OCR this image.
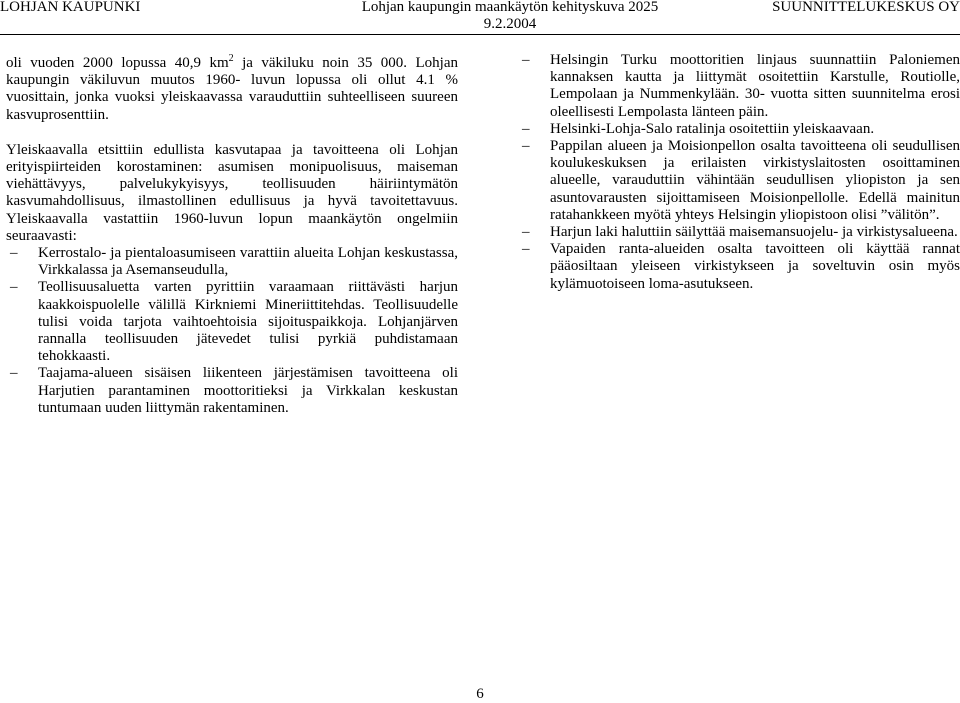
LOHJAN KAUPUNKI	Lohjan kaupungin maankäytön kehityskuva 2025
9.2.2004
SUUNNITTELUKESKUS OY

oli vuoden 2000 lopussa 40,9 $km^2$ ja väkiluku noin 35 000. Lohjan kaupungin väkiluvun muutos 1960- luvun lopussa oli ollut 4.1 % vuosittain, jonka vuoksi yleiskaavassa varauduttiin suhteelliseen suureen kasvuprosenttiin.

Yleiskaavalla etsittiin edullista kasvutapaa ja tavoitteena oli Lohjan erityispiirteiden korostaminen: asumisen monipuolisuus, maiseman viehättävyys, palvelukykyisyys, teollisuuden häiriintymätön kasvumahdollisuus, ilmastollinen edullisuus ja hyvä tavoitettavuus. Yleiskaavalla vastattiin 1960-luvun lopun maankäytön ongelmiin seuraavasti:

– Kerrostalo- ja pientaloasumiseen varattiin alueita Lohjan keskustassa, Virkkalassa ja Asemanseudulla,
– Teollisuusaluetta varten pyrittiin varaamaan riittävästi harjun kaakkoispuolelle välillä Kirkniemi Mineriittitehdas. Teollisuudelle tulisi voida tarjota vaihtoehtoisia sijoituspaikkoja. Lohjanjärven rannalla teollisuuden jätevedet tulisi pyrkiä puhdistamaan tehokkaasti.
– Taajama-alueen sisäisen liikenteen järjestämisen tavoitteena oli Harjutien parantaminen moottoritieksi ja Virkkalan keskustan tuntumaan uuden liittymän rakentaminen.
– Helsingin Turku moottoritien linjaus suunnattiin Paloniemen kannaksen kautta ja liittymät osoitettiin Karstulle, Routiolle, Lempolaan ja Nummenkylään. 30- vuotta sitten suunnitelma erosi oleellisesti Lempolasta länteen päin.
– Helsinki-Lohja-Salo ratalinja osoitettiin yleiskaavaan.
– Pappilan alueen ja Moisionpellon osalta tavoitteena oli seudullisen koulukeskuksen ja erilaisten virkistyslaitosten osoittaminen alueelle, varauduttiin vähintään seudullisen yliopiston ja sen asuntovarausten sijoittamiseen Moisionpellolle. Edellä mainitun ratahankkeen myötä yhteys Helsingin yliopistoon olisi ”välitön”.
– Harjun laki haluttiin säilyttää maisemansuojelu- ja virkistysalueena.
– Vapaiden ranta-alueiden osalta tavoitteen oli käyttää rannat pääosiltaan yleiseen virkistykseen ja soveltuvin osin myös kylämuotoiseen loma-asutukseen.
6
